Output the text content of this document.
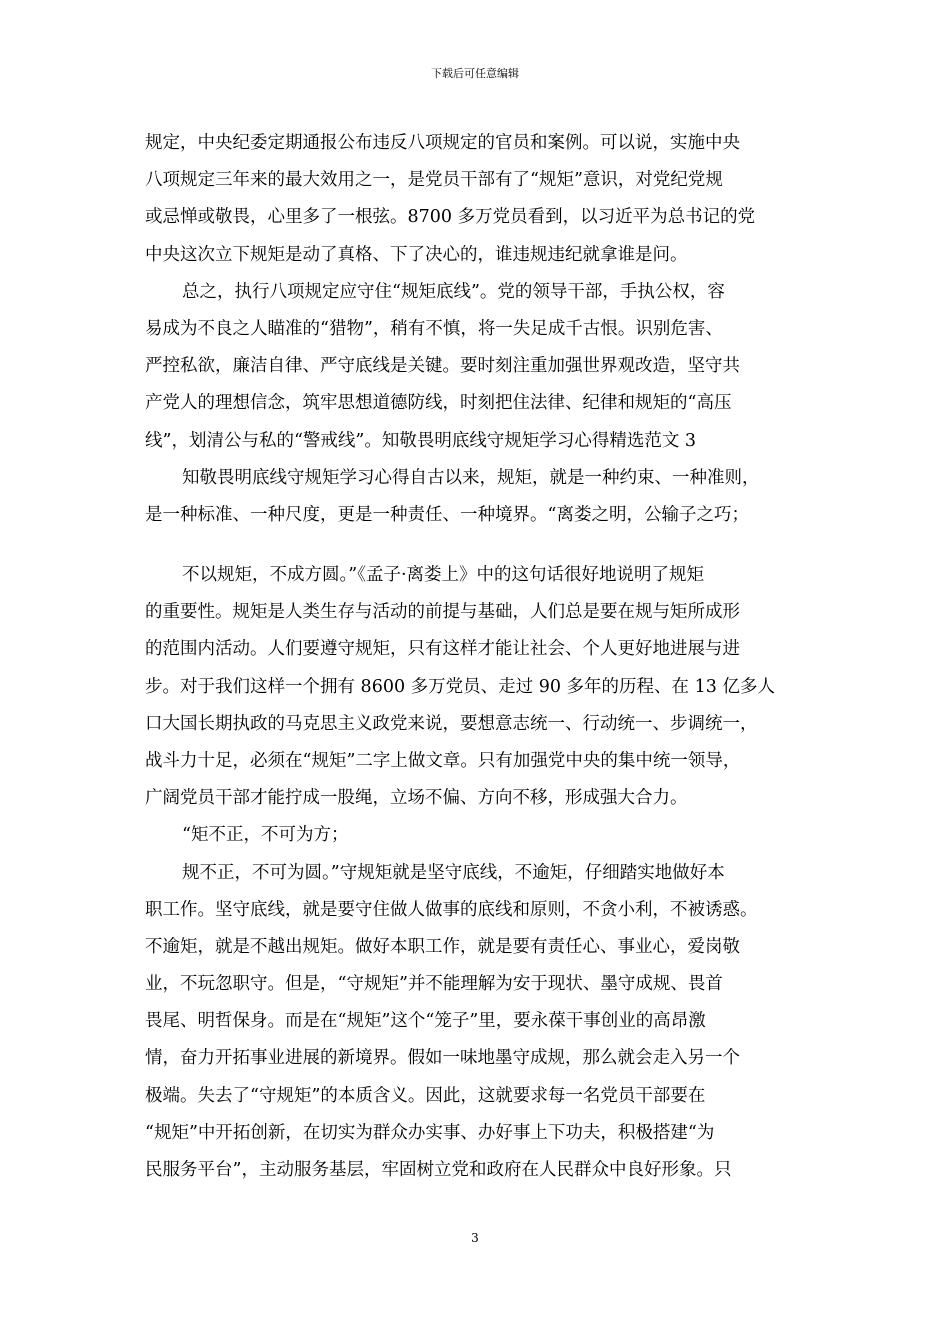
下载后可任意编辑
规定，中央纪委定期通报公布违反八项规定的官员和案例。可以说，实施中央
八项规定三年来的最大效用之一，是党员干部有了“规矩”意识，对党纪党规
或忌惮或敬畏，心里多了一根弦。8700 多万党员看到，以习近平为总书记的党
中央这次立下规矩是动了真格、下了决心的，谁违规违纪就拿谁是问。
总之，执行八项规定应守住“规矩底线”。党的领导干部，手执公权，容
易成为不良之人瞄准的“猎物”，稍有不慎，将一失足成千古恨。识别危害、
严控私欲，廉洁自律、严守底线是关键。要时刻注重加强世界观改造，坚守共
产党人的理想信念，筑牢思想道德防线，时刻把住法律、纪律和规矩的“高压
线”，划清公与私的“警戒线”。知敬畏明底线守规矩学习心得精选范文 3
知敬畏明底线守规矩学习心得自古以来，规矩，就是一种约束、一种准则，
是一种标准、一种尺度，更是一种责任、一种境界。“离娄之明，公输子之巧；
不以规矩，不成方圆。”《孟子·离娄上》中的这句话很好地说明了规矩
的重要性。规矩是人类生存与活动的前提与基础，人们总是要在规与矩所成形
的范围内活动。人们要遵守规矩，只有这样才能让社会、个人更好地进展与进
步。对于我们这样一个拥有 8600 多万党员、走过 90 多年的历程、在 13 亿多人
口大国长期执政的马克思主义政党来说，要想意志统一、行动统一、步调统一，
战斗力十足，必须在“规矩”二字上做文章。只有加强党中央的集中统一领导，
广阔党员干部才能拧成一股绳，立场不偏、方向不移，形成强大合力。
“矩不正，不可为方；
规不正，不可为圆。”守规矩就是坚守底线，不逾矩，仔细踏实地做好本
职工作。坚守底线，就是要守住做人做事的底线和原则，不贪小利，不被诱惑。
不逾矩，就是不越出规矩。做好本职工作，就是要有责任心、事业心，爱岗敬
业，不玩忽职守。但是，“守规矩”并不能理解为安于现状、墨守成规、畏首
畏尾、明哲保身。而是在“规矩”这个“笼子”里，要永葆干事创业的高昂激
情，奋力开拓事业进展的新境界。假如一味地墨守成规，那么就会走入另一个
极端。失去了“守规矩”的本质含义。因此，这就要求每一名党员干部要在
“规矩”中开拓创新，在切实为群众办实事、办好事上下功夫，积极搭建“为
民服务平台”，主动服务基层，牢固树立党和政府在人民群众中良好形象。只
3
